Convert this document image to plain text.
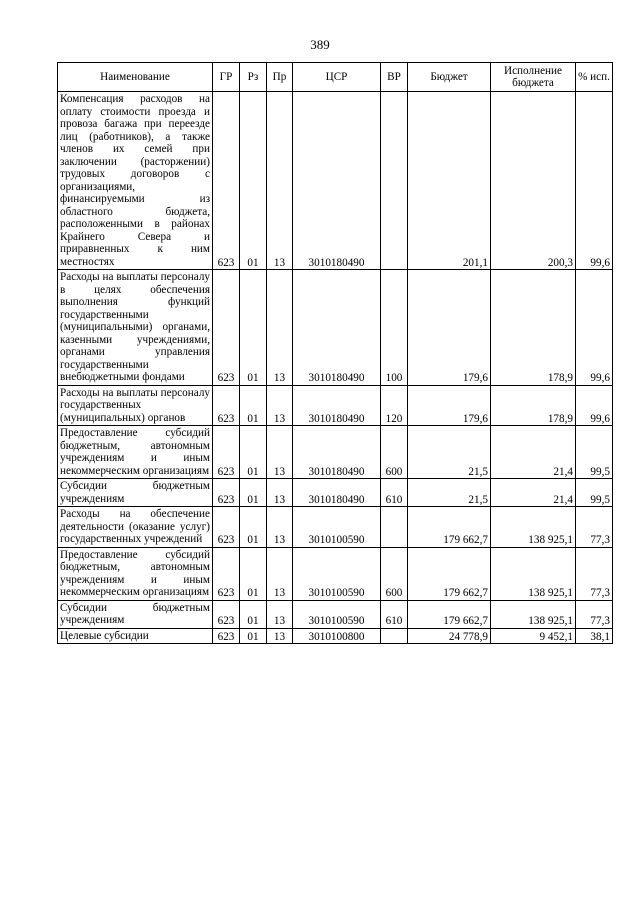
389
Наименование	ГР	Рз	Пр	ЦСР	ВР	Бюджет	Исполнение бюджета	% исп.
Компенсация расходов на оплату стоимости проезда и провоза багажа при переезде лиц (работников), а также членов их семей при заключении (расторжении) трудовых договоров с организациями, финансируемыми из областного бюджета, расположенными в районах Крайнего Севера и приравненных к ним местностях	623	01	13	3010180490		201,1	200,3	99,6
Расходы на выплаты персоналу в целях обеспечения выполнения функций государственными (муниципальными) органами, казенными учреждениями, органами управления государственными внебюджетными фондами	623	01	13	3010180490	100	179,6	178,9	99,6
Расходы на выплаты персоналу государственных (муниципальных) органов	623	01	13	3010180490	120	179,6	178,9	99,6
Предоставление субсидий бюджетным, автономным учреждениям и иным некоммерческим организациям	623	01	13	3010180490	600	21,5	21,4	99,5
Субсидии бюджетным учреждениям	623	01	13	3010180490	610	21,5	21,4	99,5
Расходы на обеспечение деятельности (оказание услуг) государственных учреждений	623	01	13	3010100590		179 662,7	138 925,1	77,3
Предоставление субсидий бюджетным, автономным учреждениям и иным некоммерческим организациям	623	01	13	3010100590	600	179 662,7	138 925,1	77,3
Субсидии бюджетным учреждениям	623	01	13	3010100590	610	179 662,7	138 925,1	77,3
Целевые субсидии	623	01	13	3010100800		24 778,9	9 452,1	38,1
